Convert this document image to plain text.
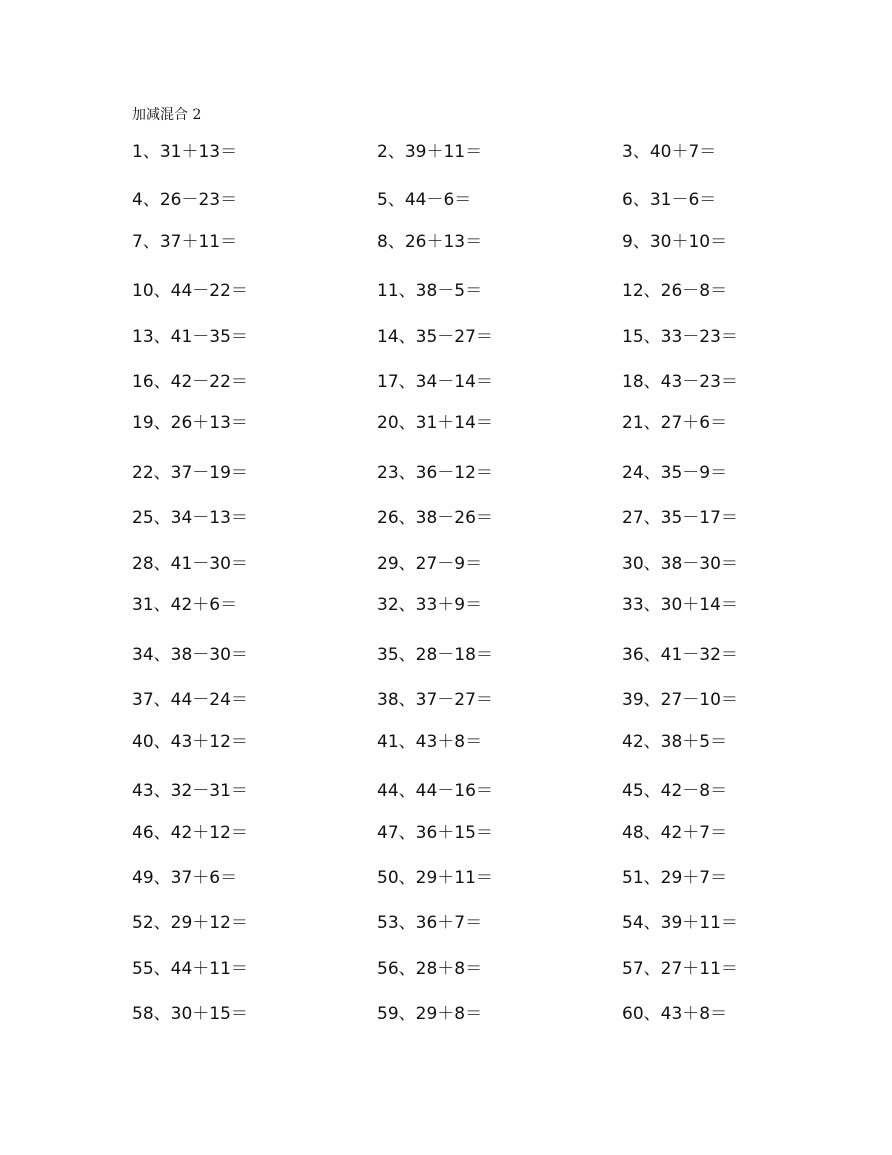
加减混合 2
1、31＋13＝	2、39＋11＝	3、40＋7＝
4、26－23＝	5、44－6＝	6、31－6＝
7、37＋11＝	8、26＋13＝	9、30＋10＝
10、44－22＝	11、38－5＝	12、26－8＝
13、41－35＝	14、35－27＝	15、33－23＝
16、42－22＝	17、34－14＝	18、43－23＝
19、26＋13＝	20、31＋14＝	21、27＋6＝
22、37－19＝	23、36－12＝	24、35－9＝
25、34－13＝	26、38－26＝	27、35－17＝
28、41－30＝	29、27－9＝	30、38－30＝
31、42＋6＝	32、33＋9＝	33、30＋14＝
34、38－30＝	35、28－18＝	36、41－32＝
37、44－24＝	38、37－27＝	39、27－10＝
40、43＋12＝	41、43＋8＝	42、38＋5＝
43、32－31＝	44、44－16＝	45、42－8＝
46、42＋12＝	47、36＋15＝	48、42＋7＝
49、37＋6＝	50、29＋11＝	51、29＋7＝
52、29＋12＝	53、36＋7＝	54、39＋11＝
55、44＋11＝	56、28＋8＝	57、27＋11＝
58、30＋15＝	59、29＋8＝	60、43＋8＝
